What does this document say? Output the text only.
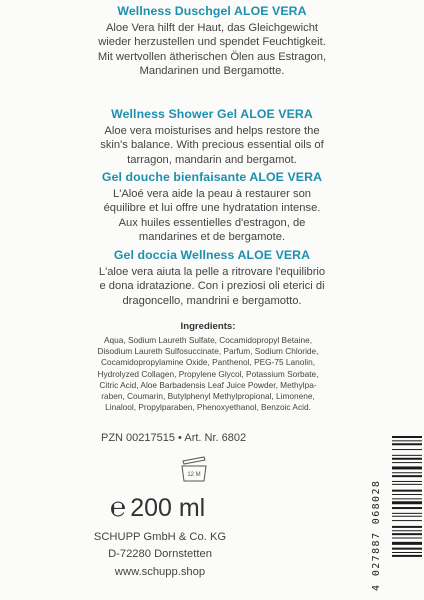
Wellness Duschgel ALOE VERA

Aloe Vera hilft der Haut, das Gleichgewicht
wieder herzustellen und spendet Feuchtigkeit.
Mit wertvollen ätherischen Ölen aus Estragon,
Mandarinen und Bergamotte.

Wellness Shower Gel ALOE VERA

Aloe vera moisturises and helps restore the
skin's balance. With precious essential oils of
tarragon, mandarin and bergamot.

Gel douche bienfaisante ALOE VERA

L'Aloé vera aide la peau à restaurer son
équilibre et lui offre une hydratation intense.
Aux huiles essentielles d'estragon, de
mandarines et de bergamote.

Gel doccia Wellness ALOE VERA

L'aloe vera aiuta la pelle a ritrovare l'equilibrio
e dona idratazione. Con i preziosi oli eterici di
dragoncello, mandrini e bergamotto.

Ingredients:

Aqua, Sodium Laureth Sulfate, Cocamidopropyl Betaine,
Disodium Laureth Sulfosuccinate, Parfum, Sodium Chloride,
Cocamidopropylamine Oxide, Panthenol, PEG-75 Lanolin,
Hydrolyzed Collagen, Propylene Glycol, Potassium Sorbate,
Citric Acid, Aloe Barbadensis Leaf Juice Powder, Methylpa-
raben, Coumarin, Butylphenyl Methylpropional, Limonene,
Linalool, Propylparaben, Phenoxyethanol, Benzoic Acid.
PZN 00217515 • Art. Nr. 6802
12 M
℮ 200 ml
SCHUPP GmbH & Co. KG
D-72280 Dornstetten
www.schupp.shop	4 027887 068028
